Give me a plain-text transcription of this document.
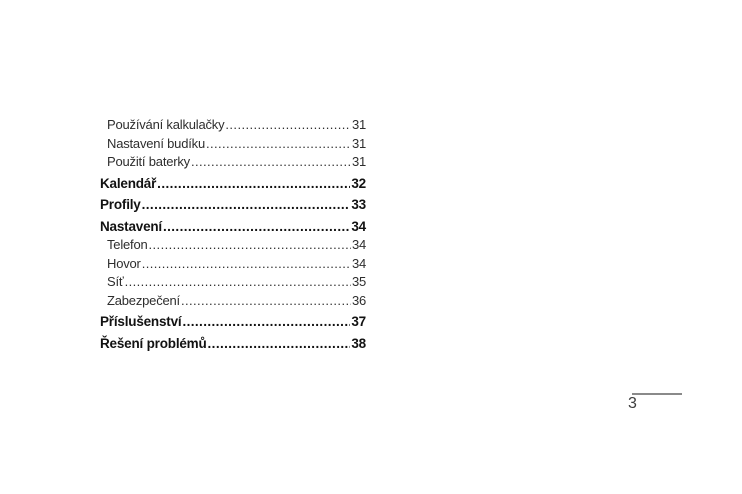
Používání kalkulačky .....	31
Nastavení budíku .....	31
Použití baterky .....	31
Kalendář .....	32
Profily .....	33
Nastavení .....	34
Telefon .....	34
Hovor .....	34
Síť .....	35
Zabezpečení .....	36
Příslušenství .....	37
Řešení problémů .....	38
3
